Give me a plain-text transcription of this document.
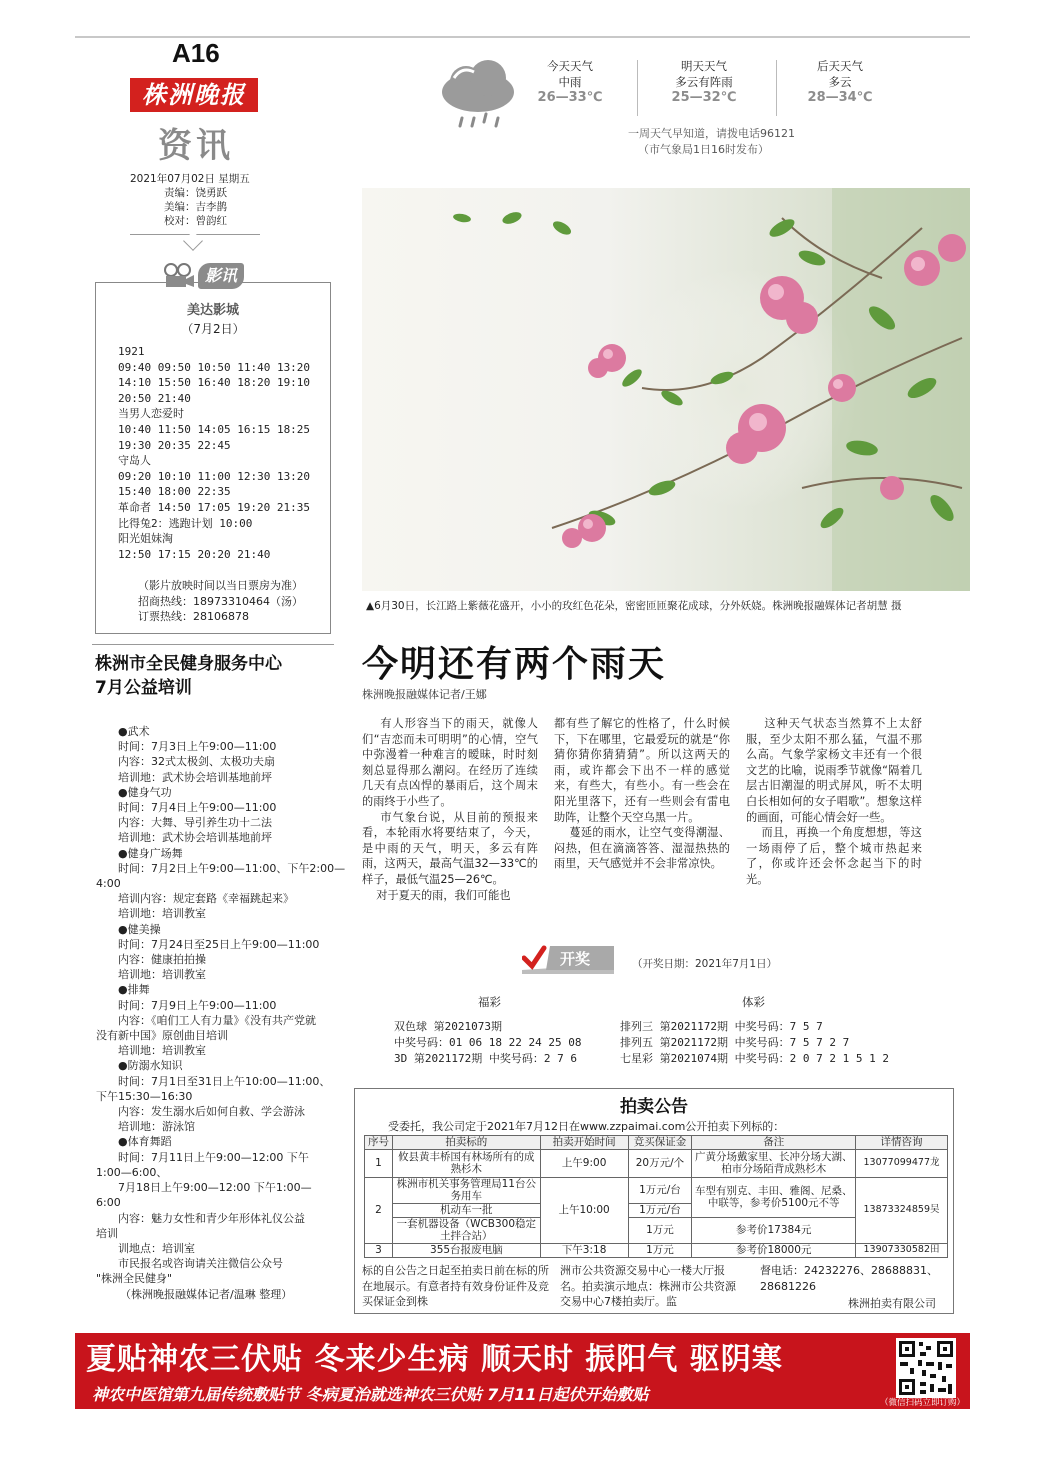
A16
株洲晚报
资讯
2021年07月02日 星期五
责编：饶勇跃
美编：吉李鹊
校对：曾韵红
今天天气
中雨
26—33℃
明天天气
多云有阵雨
25—32℃
后天天气
多云
28—34℃
一周天气早知道，请拨电话96121
（市气象局1日16时发布）
▲6月30日，长江路上紫薇花盛开，小小的玫红色花朵，密密匝匝聚花成球，分外妖娆。株洲晚报融媒体记者胡慧 摄
影讯
美达影城
（7月2日）
1921
09:40 09:50 10:50 11:40 13:20
14:10 15:50 16:40 18:20 19:10
20:50 21:40
当男人恋爱时
10:40 11:50 14:05 16:15 18:25
19:30 20:35 22:45
守岛人
09:20 10:10 11:00 12:30 13:20
15:40 18:00 22:35
革命者 14:50 17:05 19:20 21:35
比得兔2：逃跑计划 10:00
阳光姐妹淘
12:50 17:15 20:20 21:40
（影片放映时间以当日票房为准）
招商热线：18973310464（汤）
订票热线：28106878
株洲市全民健身服务中心
7月公益培训
●武术
时间：7月3日上午9:00—11:00
内容：32式太极剑、太极功夫扇
培训地：武术协会培训基地前坪
●健身气功
时间：7月4日上午9:00—11:00
内容：大舞、导引养生功十二法
培训地：武术协会培训基地前坪
●健身广场舞
时间：7月2日上午9:00—11:00、下午2:00—
4:00
培训内容：规定套路《幸福跳起来》
培训地：培训教室
●健美操
时间：7月24日至25日上午9:00—11:00
内容：健康拍拍操
培训地：培训教室
●排舞
时间：7月9日上午9:00—11:00
内容：《咱们工人有力量》《没有共产党就
没有新中国》原创曲目培训
培训地：培训教室
●防溺水知识
时间：7月1日至31日上午10:00—11:00、
下午15:30—16:30
内容：发生溺水后如何自救、学会游泳
培训地：游泳馆
●体育舞蹈
时间：7月11日上午9:00—12:00 下午
1:00—6:00、
7月18日上午9:00—12:00 下午1:00—
6:00
内容：魅力女性和青少年形体礼仪公益
培训
训地点：培训室
市民报名或咨询请关注微信公众号
"株洲全民健身"
（株洲晚报融媒体记者/温琳 整理）
今明还有两个雨天
株洲晚报融媒体记者/王娜
有人形容当下的雨天，就像人们“吉恋而未可明明”的心情，空气中弥漫着一种难言的暧昧，时时刻刻总显得那么潮闷。在经历了连续几天有点凶悍的暴雨后，这个周末的雨终于小些了。
市气象台说，从目前的预报来看，本轮雨水将要结束了，今天，是中雨的天气，明天，多云有阵雨，这两天，最高气温32—33℃的样子，最低气温25—26℃。
对于夏天的雨，我们可能也
都有些了解它的性格了，什么时候下，下在哪里，它最爱玩的就是“你猜你猜你猜猜猜”。所以这两天的雨，或许都会下出不一样的感觉来，有些大，有些小。有一些会在阳光里落下，还有一些则会有雷电助阵，让整个天空乌黑一片。
蔓延的雨水，让空气变得潮湿、闷热，但在滴滴答答、湿湿热热的雨里，天气感觉并不会非常凉快。
这种天气状态当然算不上太舒服，至少太阳不那么猛，气温不那么高。气象学家杨文丰还有一个很文艺的比喻，说雨季节就像“隔着几层古旧潮湿的明式屏风，听不太明白长相如何的女子唱歌”。想象这样的画面，可能心情会好一些。
而且，再换一个角度想想，等这一场雨停了后，整个城市热起来了，你或许还会怀念起当下的时光。
开奖	（开奖日期：2021年7月1日）
福彩	体彩
双色球 第2021073期
中奖号码：01 06 18 22 24 25 08
3D 第2021172期 中奖号码：2 7 6
排列三 第2021172期 中奖号码：7 5 7
排列五 第2021172期 中奖号码：7 5 7 2 7
七星彩 第2021074期 中奖号码：2 0 7 2 1 5 1 2
拍卖公告
受委托，我公司定于2021年7月12日在www.zzpaimai.com公开拍卖下列标的：
序号	拍卖标的	拍卖开始时间	竞买保证金	备注	详情咨询
1	攸县黄丰桥国有林场所有的成熟杉木	上午9:00	20万元/个	广黄分场戴家里、长冲分场大湖、柏市分场陌背成熟杉木	13077099477龙
2	株洲市机关事务管理局11台公务用车	上午10:00	1万元/台	车型有别克、丰田、雅阁、尼桑、中联等，参考价5100元不等	13873324859吴
	机动车一批		1万元/台		
	一套机器设备（WCB300稳定土拌合站）		1万元	参考价17384元	
3	355台报废电脑	下午3:18	1万元	参考价18000元	13907330582田
标的自公告之日起至拍卖日前在标的所在地展示。有意者持有效身份证件及竞买保证金到株
洲市公共资源交易中心一楼大厅报名。拍卖演示地点：株洲市公共资源交易中心7楼拍卖厅。监
督电话：24232276、28688831、28681226
株洲拍卖有限公司
夏贴神农三伏贴 冬来少生病 顺天时 振阳气 驱阴寒
神农中医馆第九届传统敷贴节 冬病夏治就选神农三伏贴 7月11日起伏开始敷贴	（微信扫码立即订购）
